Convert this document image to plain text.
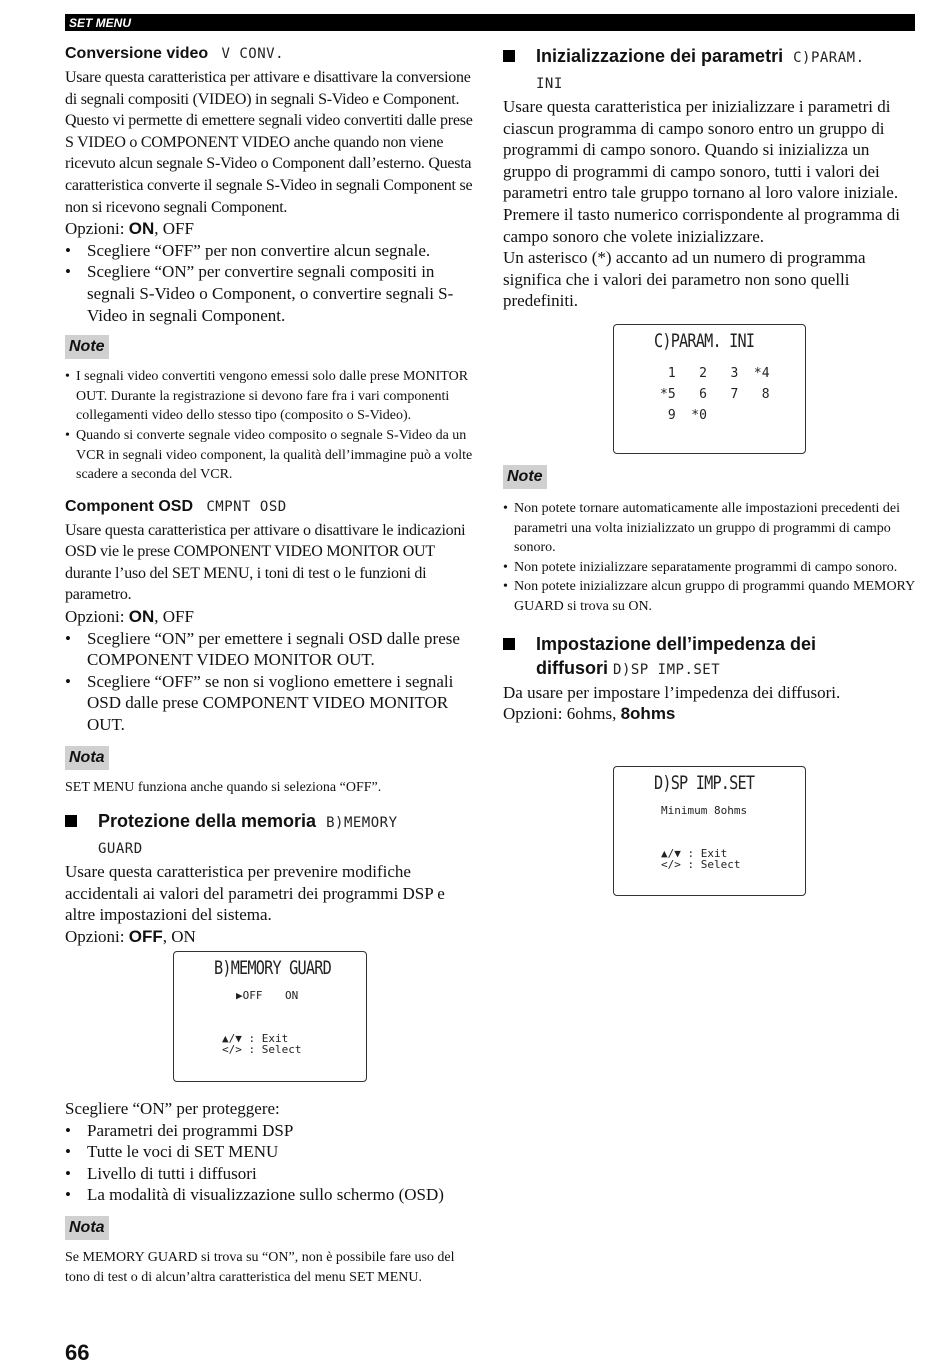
SET MENU

Conversione video V CONV.

Usare questa caratteristica per attivare e disattivare la conversione di segnali compositi (VIDEO) in segnali S-Video e Component. Questo vi permette di emettere segnali video convertiti dalle prese S VIDEO o COMPONENT VIDEO anche quando non viene ricevuto alcun segnale S-Video o Component dall’esterno. Questa caratteristica converte il segnale S-Video in segnali Component se non si ricevono segnali Component.

Opzioni: ON, OFF

• Scegliere “OFF” per non convertire alcun segnale.
• Scegliere “ON” per convertire segnali compositi in segnali S-Video o Component, o convertire segnali S-Video in segnali Component.
Note
• I segnali video convertiti vengono emessi solo dalle prese MONITOR OUT. Durante la registrazione si devono fare fra i vari componenti collegamenti video dello stesso tipo (composito o S-Video).
• Quando si converte segnale video composito o segnale S-Video da un VCR in segnali video component, la qualità dell’immagine può a volte scadere a seconda del VCR.

Component OSD CMPNT OSD

Usare questa caratteristica per attivare o disattivare le indicazioni OSD vie le prese COMPONENT VIDEO MONITOR OUT durante l’uso del SET MENU, i toni di test o le funzioni di parametro.

Opzioni: ON, OFF

• Scegliere “ON” per emettere i segnali OSD dalle prese COMPONENT VIDEO MONITOR OUT.
• Scegliere “OFF” se non si vogliono emettere i segnali OSD dalle prese COMPONENT VIDEO MONITOR OUT.
Nota

SET MENU funziona anche quando si seleziona “OFF”.

Protezione della memoria B)MEMORY
GUARD

Usare questa caratteristica per prevenire modifiche accidentali ai valori del parametri dei programmi DSP e altre impostazioni del sistema.

Opzioni: OFF, ON

B)MEMORY GUARD
▶OFF ON
▲/▼ : Exit
</> : Select

Scegliere “ON” per proteggere:

• Parametri dei programmi DSP
• Tutte le voci di SET MENU
• Livello di tutti i diffusori
• La modalità di visualizzazione sullo schermo (OSD)
Nota

Se MEMORY GUARD si trova su “ON”, non è possibile fare uso del tono di test o di alcun’altra caratteristica del menu SET MENU.

Inizializzazione dei parametri C)PARAM.
INI

Usare questa caratteristica per inizializzare i parametri di ciascun programma di campo sonoro entro un gruppo di programmi di campo sonoro. Quando si inizializza un gruppo di programmi di campo sonoro, tutti i valori dei parametri entro tale gruppo tornano al loro valore iniziale. Premere il tasto numerico corrispondente al programma di campo sonoro che volete inizializzare.

Un asterisco (*) accanto ad un numero di programma significa che i valori dei parametro non sono quelli predefiniti.

C)PARAM. INI
1   2   3  *4
*5   6   7   8
9  *0
Note
• Non potete tornare automaticamente alle impostazioni precedenti dei parametri una volta inizializzato un gruppo di programmi di campo sonoro.
• Non potete inizializzare separatamente programmi di campo sonoro.
• Non potete inizializzare alcun gruppo di programmi quando MEMORY GUARD si trova su ON.

Impostazione dell’impedenza dei
diffusori D)SP IMP.SET

Da usare per impostare l’impedenza dei diffusori.

Opzioni: 6ohms, 8ohms

D)SP IMP.SET
Minimum 8ohms
▲/▼ : Exit
</> : Select
66
